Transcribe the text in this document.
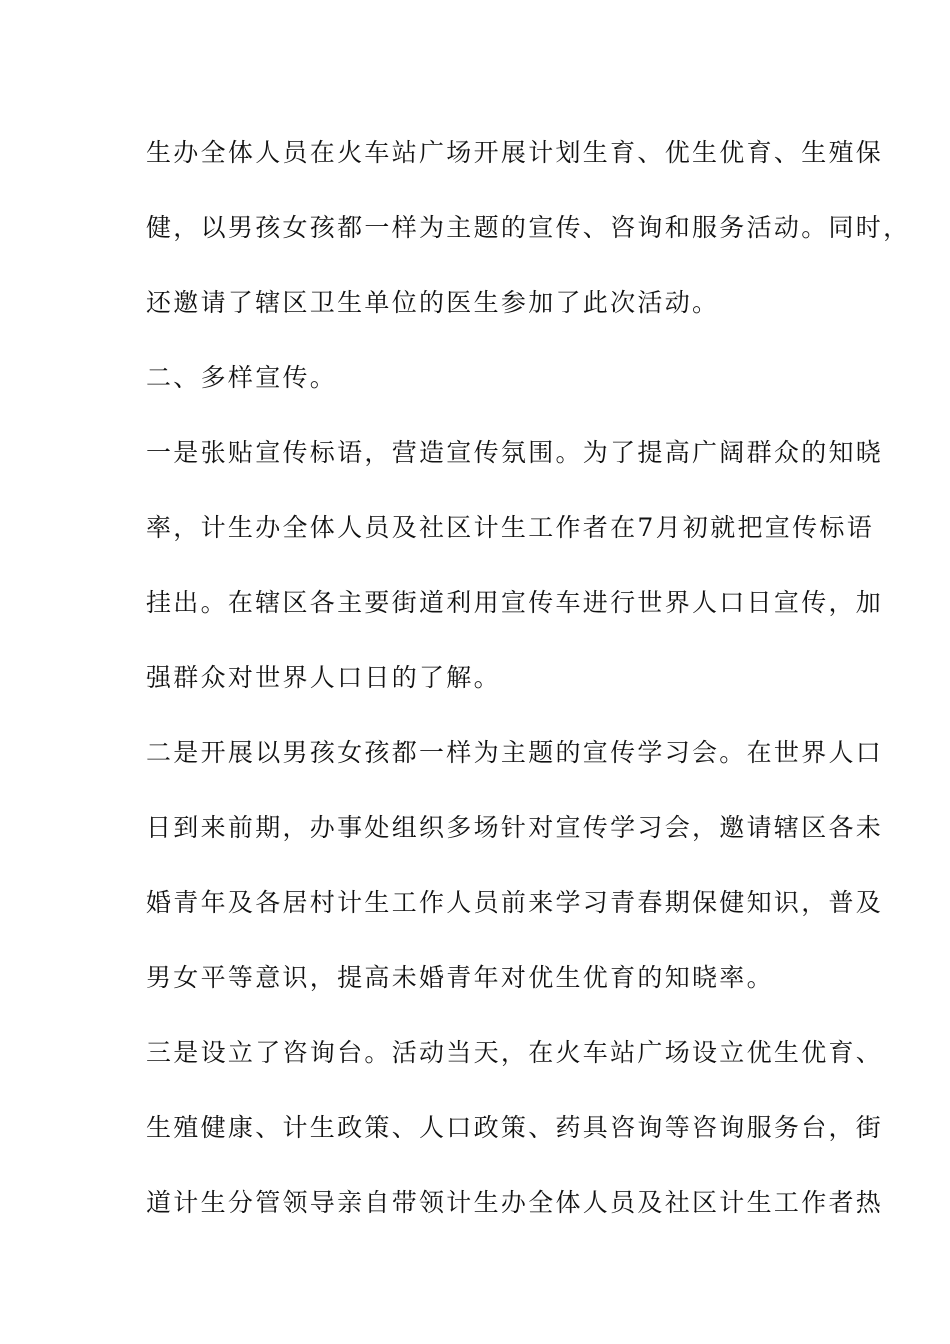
生办全体人员在火车站广场开展计划生育、优生优育、生殖保
健，以男孩女孩都一样为主题的宣传、咨询和服务活动。同时，
还邀请了辖区卫生单位的医生参加了此次活动。
二、多样宣传。
一是张贴宣传标语，营造宣传氛围。为了提高广阔群众的知晓
率，计生办全体人员及社区计生工作者在7月初就把宣传标语
挂出。在辖区各主要街道利用宣传车进行世界人口日宣传，加
强群众对世界人口日的了解。
二是开展以男孩女孩都一样为主题的宣传学习会。在世界人口
日到来前期，办事处组织多场针对宣传学习会，邀请辖区各未
婚青年及各居村计生工作人员前来学习青春期保健知识，普及
男女平等意识，提高未婚青年对优生优育的知晓率。
三是设立了咨询台。活动当天，在火车站广场设立优生优育、
生殖健康、计生政策、人口政策、药具咨询等咨询服务台，街
道计生分管领导亲自带领计生办全体人员及社区计生工作者热
